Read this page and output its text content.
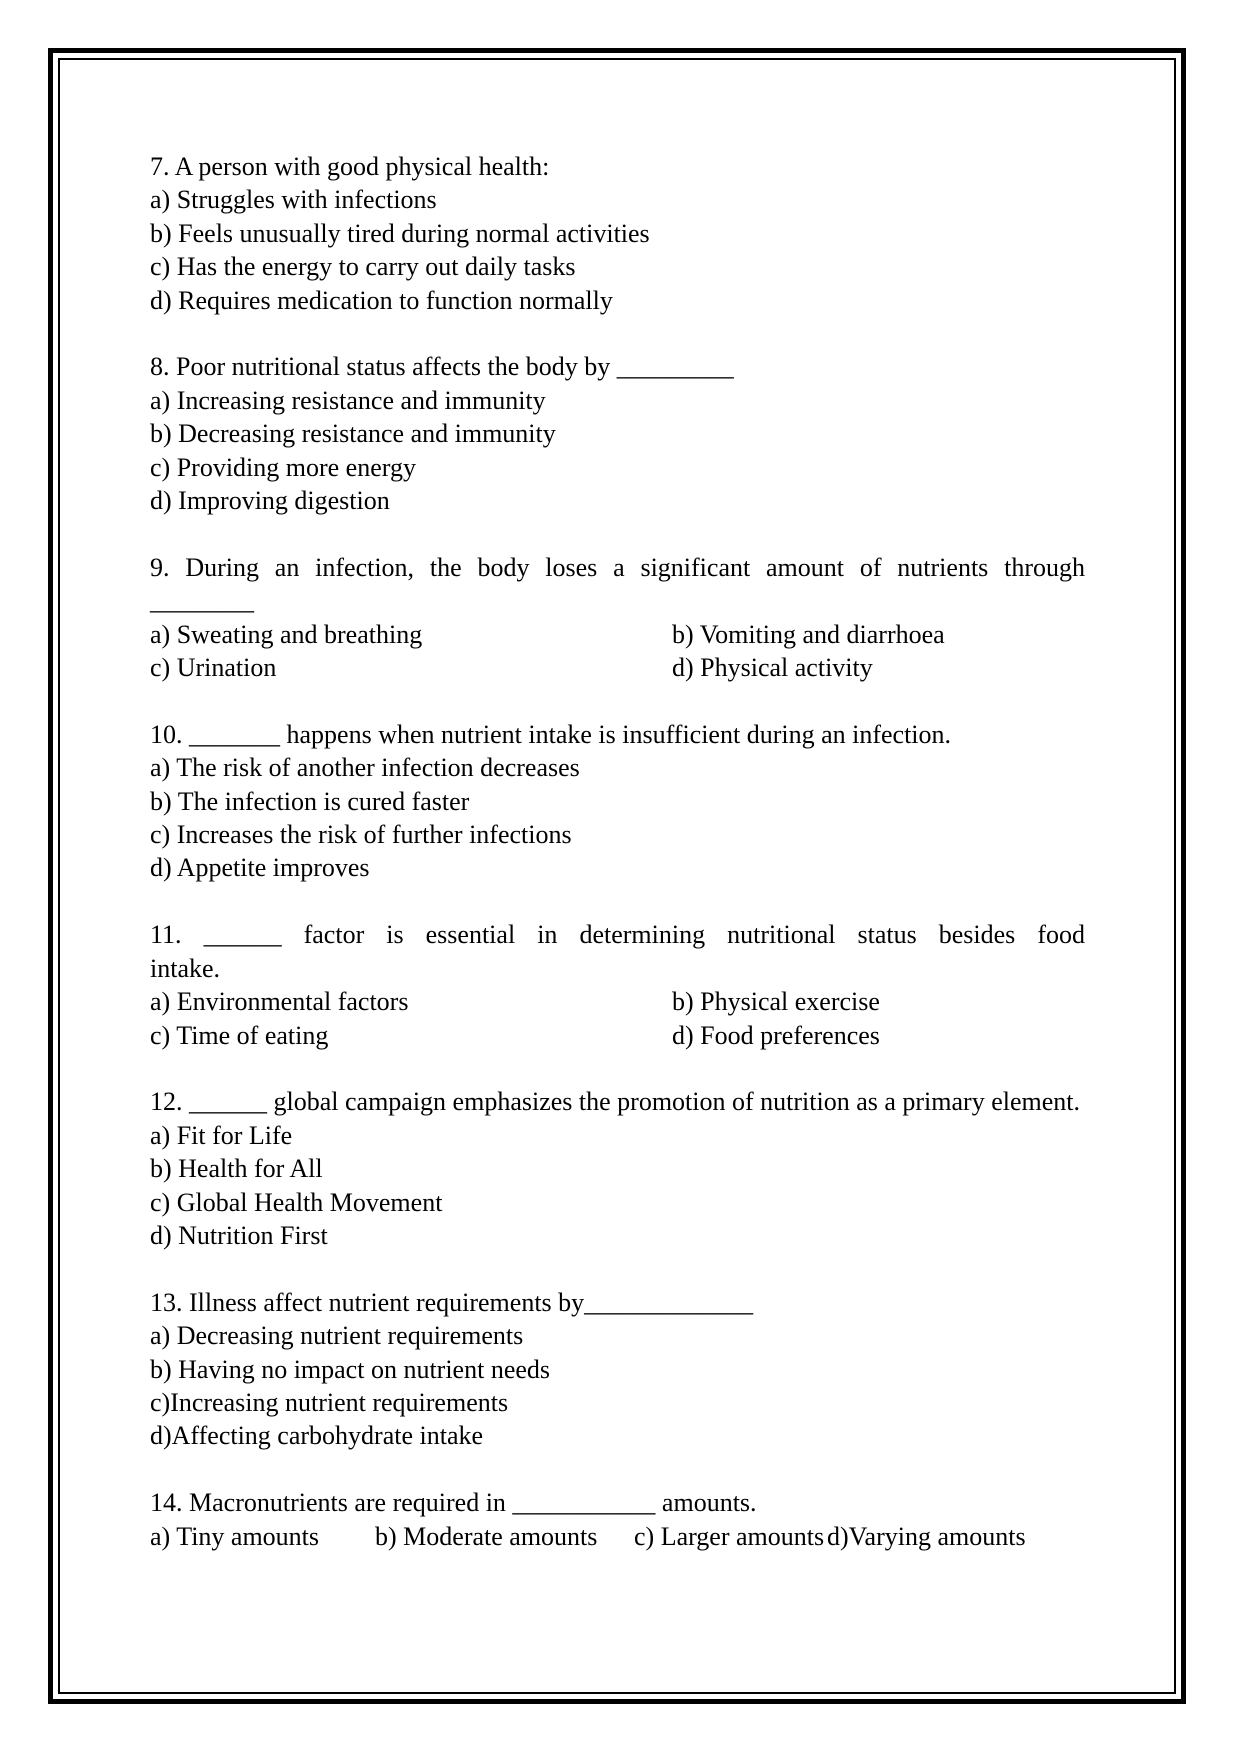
7. A person with good physical health:
a) Struggles with infections
b) Feels unusually tired during normal activities
c) Has the energy to carry out daily tasks
d) Requires medication to function normally
8. Poor nutritional status affects the body by _________
a) Increasing resistance and immunity
b) Decreasing resistance and immunity
c) Providing more energy
d) Improving digestion
9. During an infection, the body loses a significant amount of nutrients through ________
a) Sweating and breathing	b) Vomiting and diarrhoea
c) Urination	d) Physical activity
10. _______ happens when nutrient intake is insufficient during an infection.
a) The risk of another infection decreases
b) The infection is cured faster
c) Increases the risk of further infections
d) Appetite improves
11. ______ factor is essential in determining nutritional status besides food intake.
a) Environmental factors	b) Physical exercise
c) Time of eating	d) Food preferences
12. ______ global campaign emphasizes the promotion of nutrition as a primary element.
a) Fit for Life
b) Health for All
c) Global Health Movement
d) Nutrition First
13. Illness affect nutrient requirements by_____________
a) Decreasing nutrient requirements
b) Having no impact on nutrient needs
c)Increasing nutrient requirements
d)Affecting carbohydrate intake
14. Macronutrients are required in ___________ amounts.
a) Tiny amounts b) Moderate amounts c) Larger amounts d)Varying amounts
